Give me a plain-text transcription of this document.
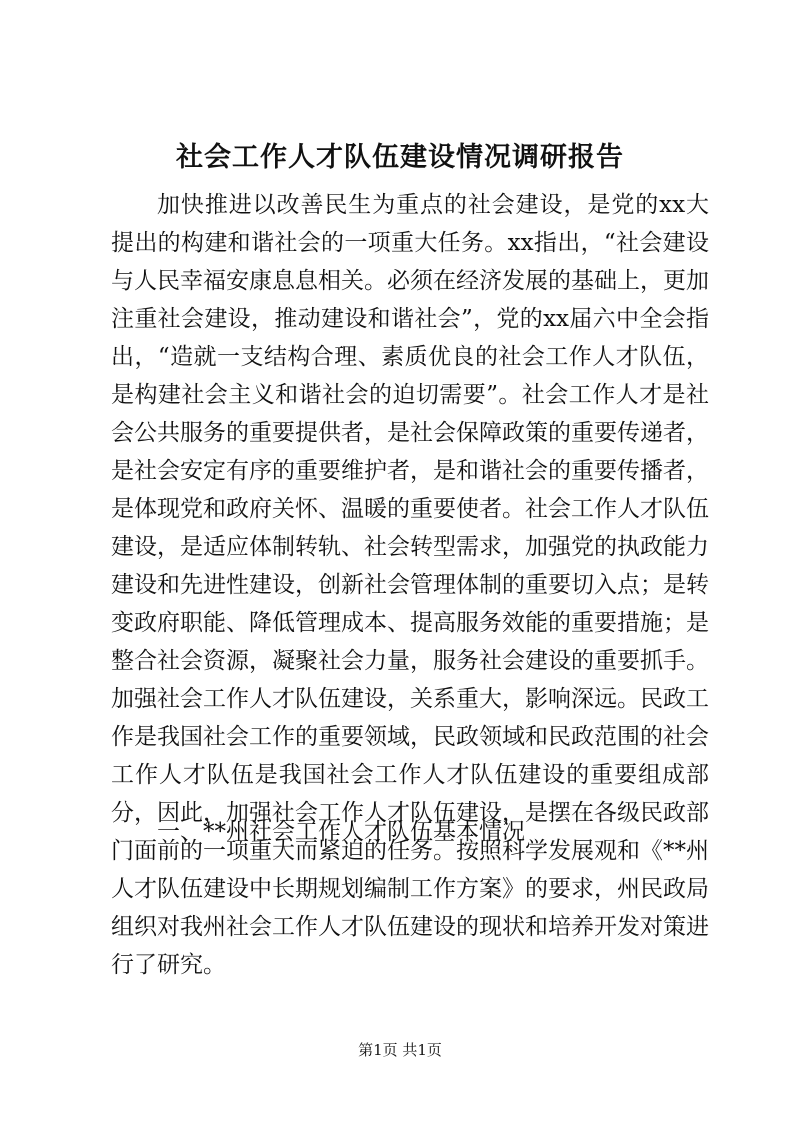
社会工作人才队伍建设情况调研报告

加快推进以改善民生为重点的社会建设，是党的xx大提出的构建和谐社会的一项重大任务。xx指出，“社会建设与人民幸福安康息息相关。必须在经济发展的基础上，更加注重社会建设，推动建设和谐社会”，党的xx届六中全会指出，“造就一支结构合理、素质优良的社会工作人才队伍，是构建社会主义和谐社会的迫切需要”。社会工作人才是社会公共服务的重要提供者，是社会保障政策的重要传递者，是社会安定有序的重要维护者，是和谐社会的重要传播者，是体现党和政府关怀、温暖的重要使者。社会工作人才队伍建设，是适应体制转轨、社会转型需求，加强党的执政能力建设和先进性建设，创新社会管理体制的重要切入点；是转变政府职能、降低管理成本、提高服务效能的重要措施；是整合社会资源，凝聚社会力量，服务社会建设的重要抓手。加强社会工作人才队伍建设，关系重大，影响深远。民政工作是我国社会工作的重要领域，民政领域和民政范围的社会工作人才队伍是我国社会工作人才队伍建设的重要组成部分，因此，加强社会工作人才队伍建设，是摆在各级民政部门面前的一项重大而紧迫的任务。按照科学发展观和《**州人才队伍建设中长期规划编制工作方案》的要求，州民政局组织对我州社会工作人才队伍建设的现状和培养开发对策进行了研究。

一、**州社会工作人才队伍基本情况

第1页 共1页
